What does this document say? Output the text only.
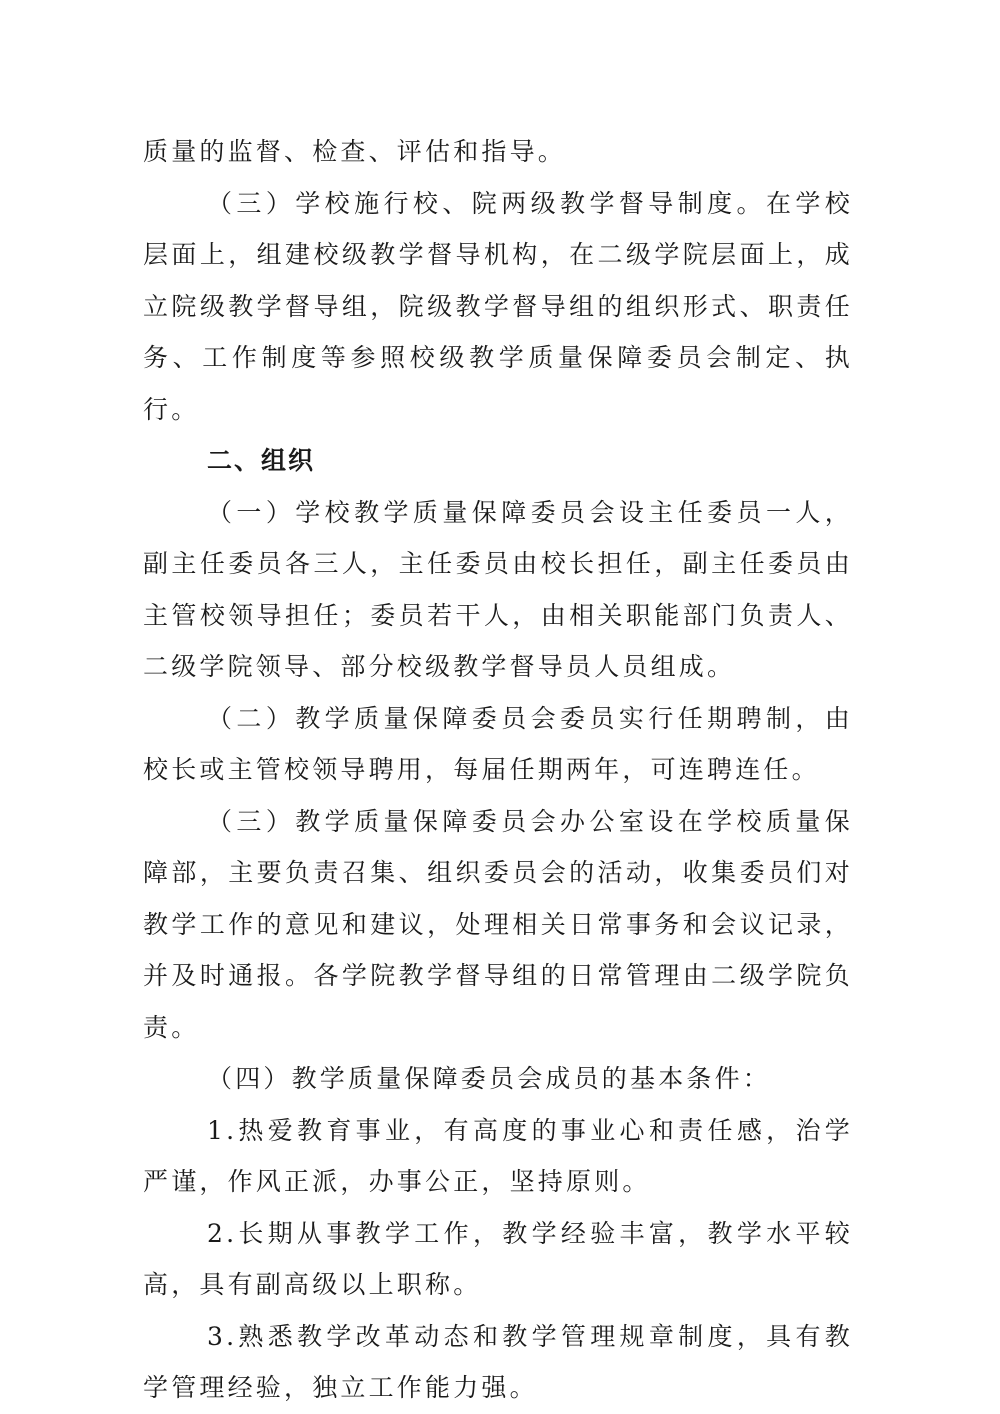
质量的监督、检查、评估和指导。

（三）学校施行校、院两级教学督导制度。在学校层面上，组建校级教学督导机构，在二级学院层面上，成立院级教学督导组，院级教学督导组的组织形式、职责任务、工作制度等参照校级教学质量保障委员会制定、执行。

二、组织

（一）学校教学质量保障委员会设主任委员一人，副主任委员各三人，主任委员由校长担任，副主任委员由主管校领导担任；委员若干人，由相关职能部门负责人、二级学院领导、部分校级教学督导员人员组成。

（二）教学质量保障委员会委员实行任期聘制，由校长或主管校领导聘用，每届任期两年，可连聘连任。

（三）教学质量保障委员会办公室设在学校质量保障部，主要负责召集、组织委员会的活动，收集委员们对教学工作的意见和建议，处理相关日常事务和会议记录，并及时通报。各学院教学督导组的日常管理由二级学院负责。

（四）教学质量保障委员会成员的基本条件：

1.热爱教育事业，有高度的事业心和责任感，治学严谨，作风正派，办事公正，坚持原则。

2.长期从事教学工作，教学经验丰富，教学水平较高，具有副高级以上职称。

3.熟悉教学改革动态和教学管理规章制度，具有教学管理经验，独立工作能力强。
